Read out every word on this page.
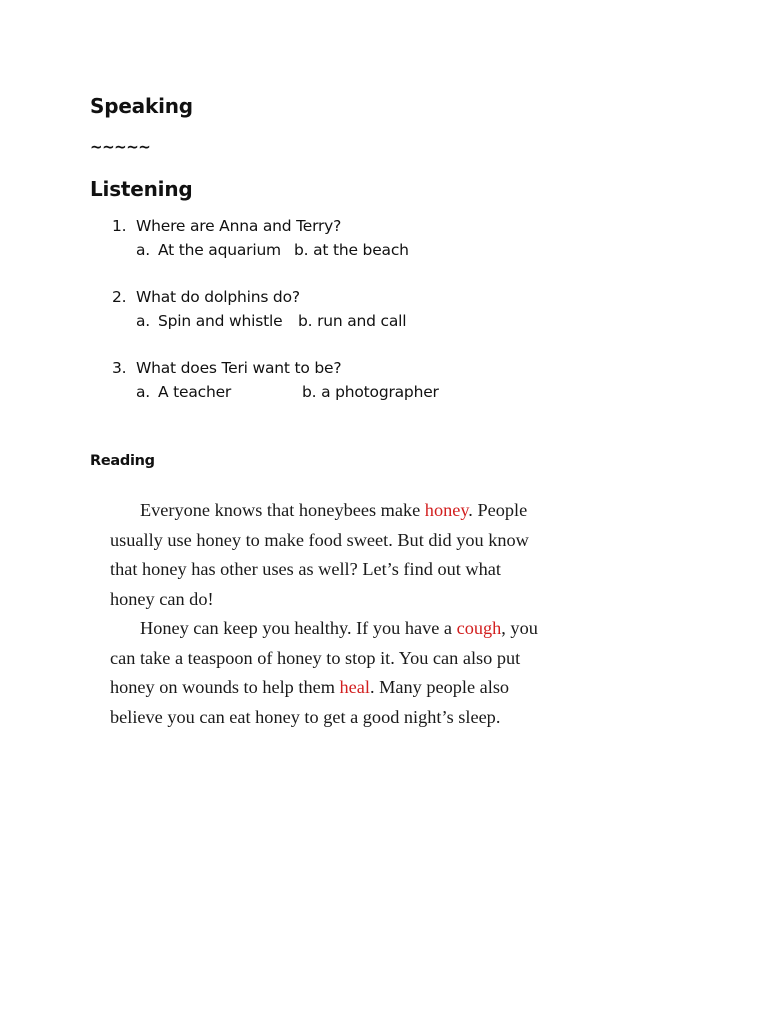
Speaking
~~~~~
Listening
1. Where are Anna and Terry?
a. At the aquarium b. at the beach
2. What do dolphins do?
a. Spin and whistle b. run and call
3. What does Teri want to be?
a. A teacher	b. a photographer
Reading

Everyone knows that honeybees make honey. People usually use honey to make food sweet. But did you know that honey has other uses as well? Let’s find out what honey can do!

Honey can keep you healthy. If you have a cough, you can take a teaspoon of honey to stop it. You can also put honey on wounds to help them heal. Many people also believe you can eat honey to get a good night’s sleep.
